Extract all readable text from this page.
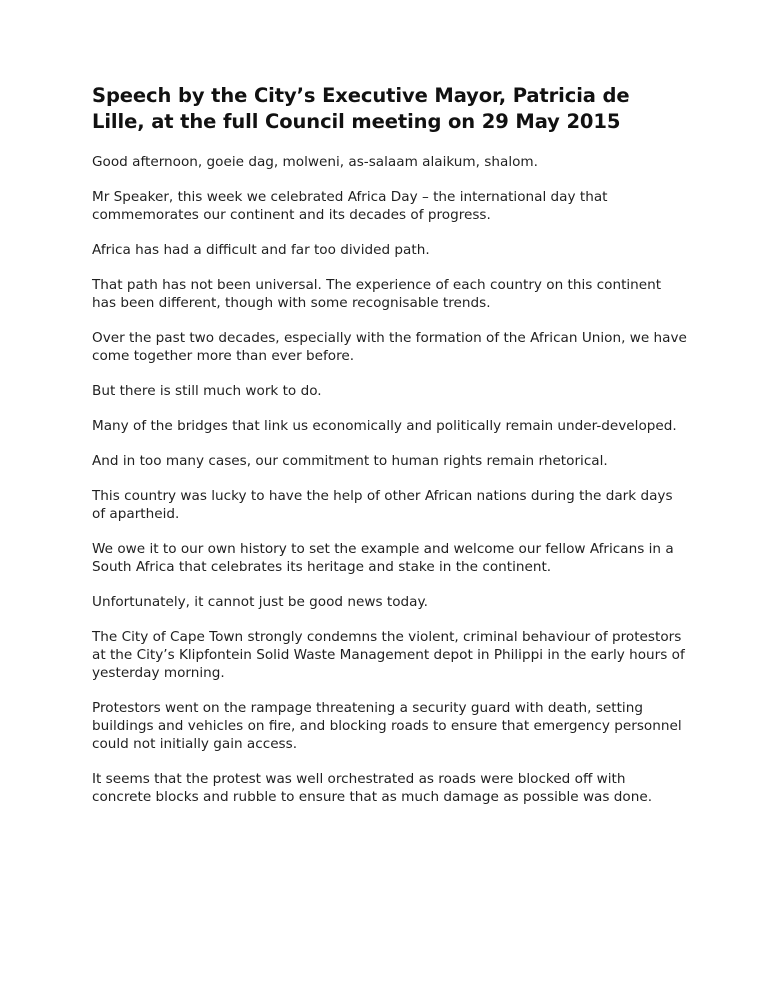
Speech by the City’s Executive Mayor, Patricia de Lille, at the full Council meeting on 29 May 2015

Good afternoon, goeie dag, molweni, as-salaam alaikum, shalom.

Mr Speaker, this week we celebrated Africa Day – the international day that commemorates our continent and its decades of progress.

Africa has had a difficult and far too divided path.

That path has not been universal. The experience of each country on this continent has been different, though with some recognisable trends.

Over the past two decades, especially with the formation of the African Union, we have come together more than ever before.

But there is still much work to do.

Many of the bridges that link us economically and politically remain under-developed.

And in too many cases, our commitment to human rights remain rhetorical.

This country was lucky to have the help of other African nations during the dark days of apartheid.

We owe it to our own history to set the example and welcome our fellow Africans in a South Africa that celebrates its heritage and stake in the continent.

Unfortunately, it cannot just be good news today.

The City of Cape Town strongly condemns the violent, criminal behaviour of protestors at the City’s Klipfontein Solid Waste Management depot in Philippi in the early hours of yesterday morning.

Protestors went on the rampage threatening a security guard with death, setting buildings and vehicles on fire, and blocking roads to ensure that emergency personnel could not initially gain access.

It seems that the protest was well orchestrated as roads were blocked off with concrete blocks and rubble to ensure that as much damage as possible was done.
